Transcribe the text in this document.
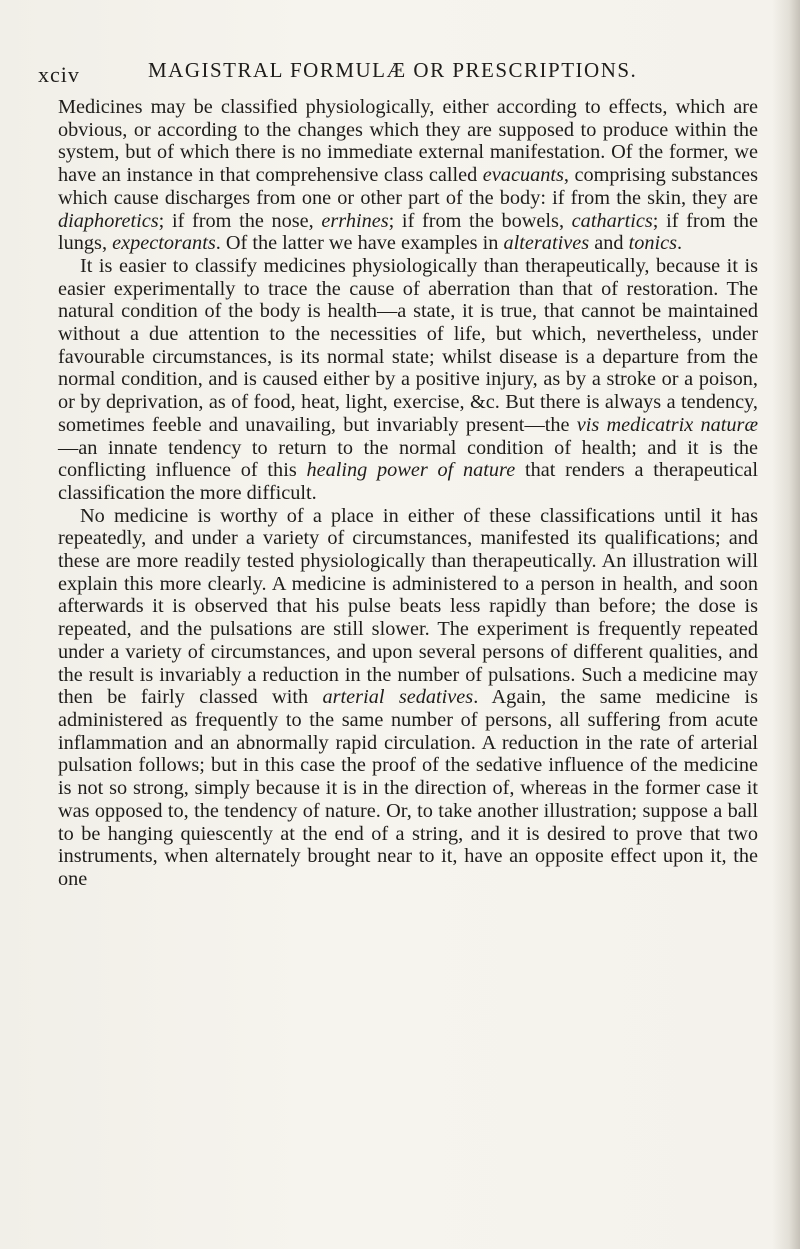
xciv	MAGISTRAL FORMULÆ OR PRESCRIPTIONS.

Medicines may be classified physiologically, either according to effects, which are obvious, or according to the changes which they are supposed to produce within the system, but of which there is no immediate external manifestation. Of the former, we have an instance in that comprehensive class called evacuants, comprising substances which cause discharges from one or other part of the body: if from the skin, they are diaphoretics; if from the nose, errhines; if from the bowels, cathartics; if from the lungs, expectorants. Of the latter we have examples in alteratives and tonics.

It is easier to classify medicines physiologically than therapeutically, because it is easier experimentally to trace the cause of aberration than that of restoration. The natural condition of the body is health—a state, it is true, that cannot be maintained without a due attention to the necessities of life, but which, nevertheless, under favourable circumstances, is its normal state; whilst disease is a departure from the normal condition, and is caused either by a positive injury, as by a stroke or a poison, or by deprivation, as of food, heat, light, exercise, &c. But there is always a tendency, sometimes feeble and unavailing, but invariably present—the vis medicatrix naturæ—an innate tendency to return to the normal condition of health; and it is the conflicting influence of this healing power of nature that renders a therapeutical classification the more difficult.

No medicine is worthy of a place in either of these classifications until it has repeatedly, and under a variety of circumstances, manifested its qualifications; and these are more readily tested physiologically than therapeutically. An illustration will explain this more clearly. A medicine is administered to a person in health, and soon afterwards it is observed that his pulse beats less rapidly than before; the dose is repeated, and the pulsations are still slower. The experiment is frequently repeated under a variety of circumstances, and upon several persons of different qualities, and the result is invariably a reduction in the number of pulsations. Such a medicine may then be fairly classed with arterial sedatives. Again, the same medicine is administered as frequently to the same number of persons, all suffering from acute inflammation and an abnormally rapid circulation. A reduction in the rate of arterial pulsation follows; but in this case the proof of the sedative influence of the medicine is not so strong, simply because it is in the direction of, whereas in the former case it was opposed to, the tendency of nature. Or, to take another illustration; suppose a ball to be hanging quiescently at the end of a string, and it is desired to prove that two instruments, when alternately brought near to it, have an opposite effect upon it, the one
